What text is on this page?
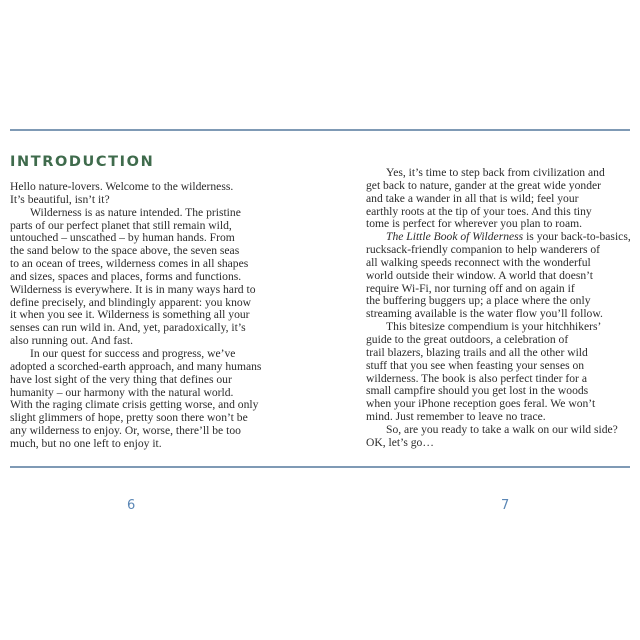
INTRODUCTION
Hello nature-lovers. Welcome to the wilderness.
It’s beautiful, isn’t it?
Wilderness is as nature intended. The pristine
parts of our perfect planet that still remain wild,
untouched – unscathed – by human hands. From
the sand below to the space above, the seven seas
to an ocean of trees, wilderness comes in all shapes
and sizes, spaces and places, forms and functions.
Wilderness is everywhere. It is in many ways hard to
define precisely, and blindingly apparent: you know
it when you see it. Wilderness is something all your
senses can run wild in. And, yet, paradoxically, it’s
also running out. And fast.
In our quest for success and progress, we’ve
adopted a scorched-earth approach, and many humans
have lost sight of the very thing that defines our
humanity – our harmony with the natural world.
With the raging climate crisis getting worse, and only
slight glimmers of hope, pretty soon there won’t be
any wilderness to enjoy. Or, worse, there’ll be too
much, but no one left to enjoy it.
Yes, it’s time to step back from civilization and
get back to nature, gander at the great wide yonder
and take a wander in all that is wild; feel your
earthly roots at the tip of your toes. And this tiny
tome is perfect for wherever you plan to roam.
The Little Book of Wilderness is your back-to-basics,
rucksack-friendly companion to help wanderers of
all walking speeds reconnect with the wonderful
world outside their window. A world that doesn’t
require Wi-Fi, nor turning off and on again if
the buffering buggers up; a place where the only
streaming available is the water flow you’ll follow.
This bitesize compendium is your hitchhikers’
guide to the great outdoors, a celebration of
trail blazers, blazing trails and all the other wild
stuff that you see when feasting your senses on
wilderness. The book is also perfect tinder for a
small campfire should you get lost in the woods
when your iPhone reception goes feral. We won’t
mind. Just remember to leave no trace.
So, are you ready to take a walk on our wild side?
OK, let’s go…
6	7
